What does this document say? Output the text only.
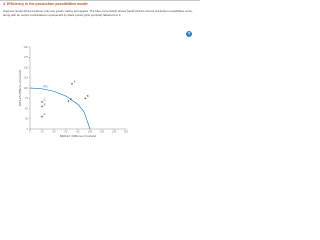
4. Efficiency in the production possibilities model
Suppose South Africa produces only two goods: barley and apples. The blue curve below shows South Africa's current production possibilities curve, along with an output combinations represented by black points (plus symbols) labeled A to F.
?
0
25
50
75
100
125
150
175
200
0	20	40	60	80	100	120	140	160
BARLEY (Millions of bushels)
APPLES (Millions of bushels)	PPC
A
B
C	D
E
F
